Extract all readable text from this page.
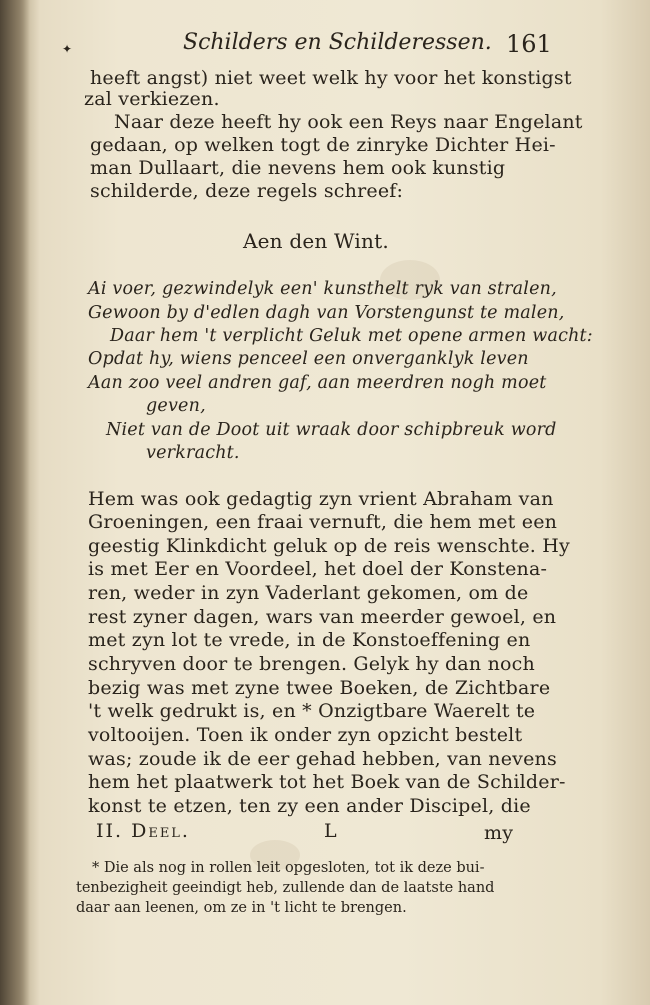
✦	Schilders en Schilderessen. 161
heeft angst) niet weet welk hy voor het konstigst
zal verkiezen.
Naar deze heeft hy ook een Reys naar Engelant
gedaan, op welken togt de zinryke Dichter Hei-
man Dullaart, die nevens hem ook kunstig
schilderde, deze regels schreef:
Aen den Wint.
Ai voer, gezwindelyk een' kunsthelt ryk van stralen,
Gewoon by d'edlen dagh van Vorstengunst te malen,
Daar hem 't verplicht Geluk met opene armen wacht:
Opdat hy, wiens penceel een onverganklyk leven
Aan zoo veel andren gaf, aan meerdren nogh moet
geven,
Niet van de Doot uit wraak door schipbreuk word
verkracht.
Hem was ook gedagtig zyn vrient Abraham van
Groeningen, een fraai vernuft, die hem met een
geestig Klinkdicht geluk op de reis wenschte. Hy
is met Eer en Voordeel, het doel der Konstena-
ren, weder in zyn Vaderlant gekomen, om de
rest zyner dagen, wars van meerder gewoel, en
met zyn lot te vrede, in de Konstoeffening en
schryven door te brengen. Gelyk hy dan noch
bezig was met zyne twee Boeken, de Zichtbare
't welk gedrukt is, en * Onzigtbare Waerelt te
voltooijen. Toen ik onder zyn opzicht bestelt
was; zoude ik de eer gehad hebben, van nevens
hem het plaatwerk tot het Boek van de Schilder-
konst te etzen, ten zy een ander Discipel, die
II. Deel.	L	my
* Die als nog in rollen leit opgesloten, tot ik deze bui-
tenbezigheit geeindigt heb, zullende dan de laatste hand
daar aan leenen, om ze in 't licht te brengen.
